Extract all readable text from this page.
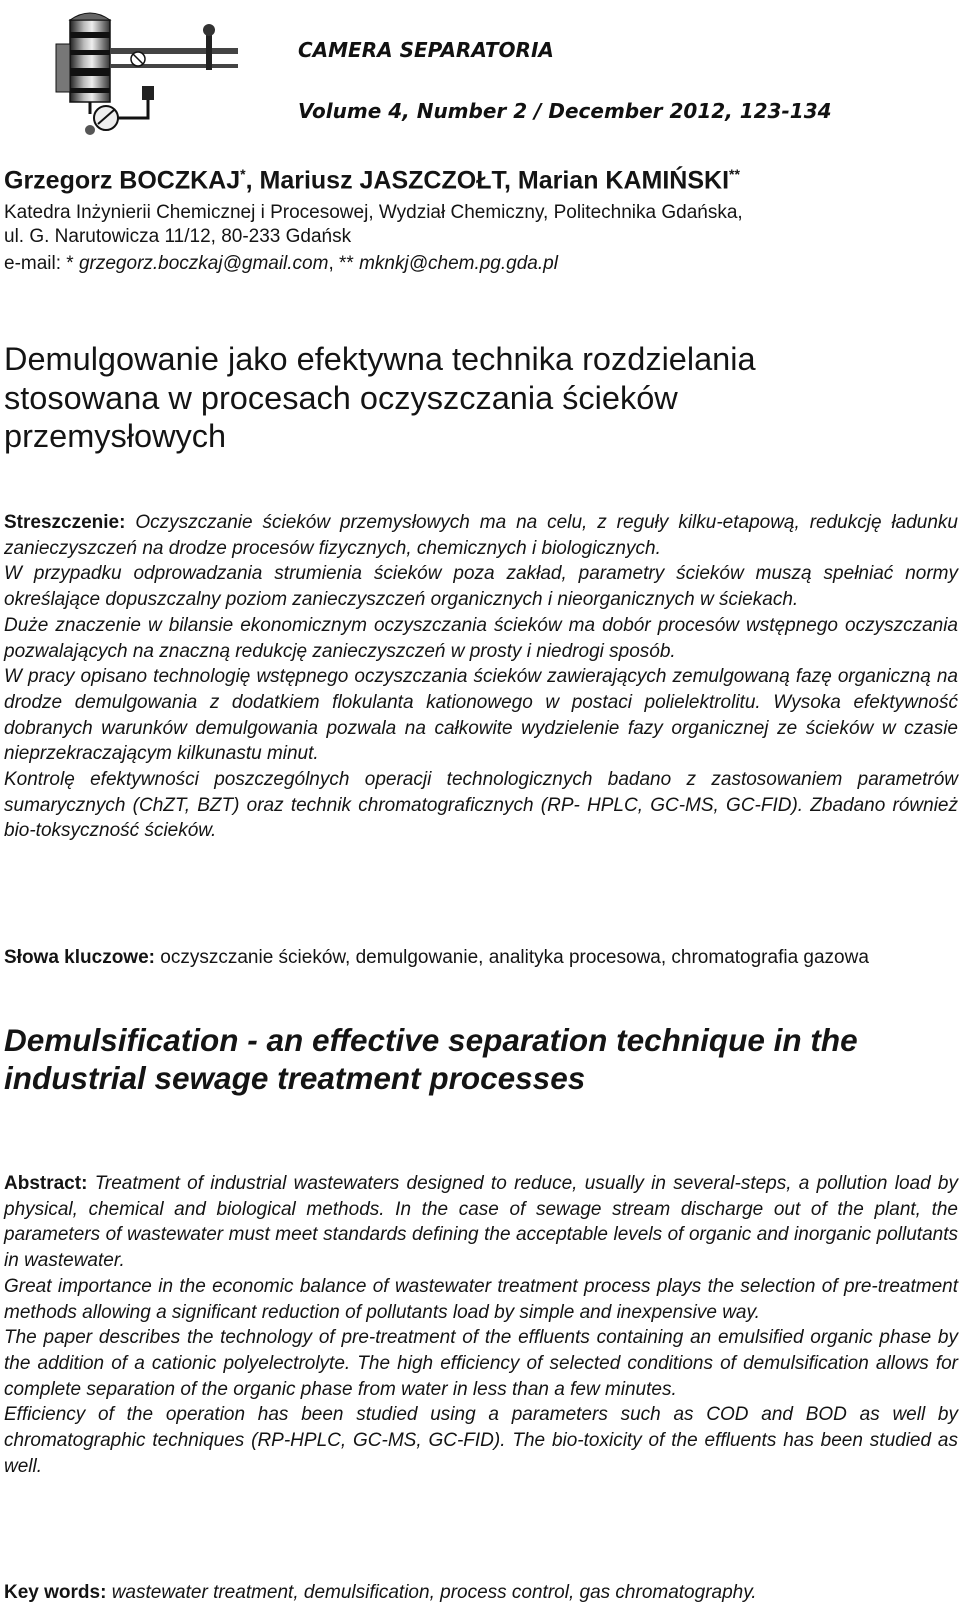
CAMERA SEPARATORIA
Volume 4, Number 2 / December 2012, 123-134
Grzegorz BOCZKAJ*, Mariusz JASZCZOŁT, Marian KAMIŃSKI**
Katedra Inżynierii Chemicznej i Procesowej, Wydział Chemiczny, Politechnika Gdańska,
ul. G. Narutowicza 11/12, 80-233 Gdańsk
e-mail: * grzegorz.boczkaj@gmail.com, ** mknkj@chem.pg.gda.pl
Demulgowanie jako efektywna technika rozdzielania stosowana w procesach oczyszczania ścieków przemysłowych

Streszczenie: Oczyszczanie ścieków przemysłowych ma na celu, z reguły kilku-etapową, redukcję ładunku zanieczyszczeń na drodze procesów fizycznych, chemicznych i biologicznych.

W przypadku odprowadzania strumienia ścieków poza zakład, parametry ścieków muszą spełniać normy określające dopuszczalny poziom zanieczyszczeń organicznych i nieorganicznych w ściekach.

Duże znaczenie w bilansie ekonomicznym oczyszczania ścieków ma dobór procesów wstępnego oczyszczania pozwalających na znaczną redukcję zanieczyszczeń w prosty i niedrogi sposób.

W pracy opisano technologię wstępnego oczyszczania ścieków zawierających zemulgowaną fazę organiczną na drodze demulgowania z dodatkiem flokulanta kationowego w postaci polielektrolitu. Wysoka efektywność dobranych warunków demulgowania pozwala na całkowite wydzielenie fazy organicznej ze ścieków w czasie nieprzekraczającym kilkunastu minut.

Kontrolę efektywności poszczególnych operacji technologicznych badano z zastosowaniem parametrów sumarycznych (ChZT, BZT) oraz technik chromatograficznych (RP- HPLC, GC-MS, GC-FID). Zbadano również bio-toksyczność ścieków.

Słowa kluczowe: oczyszczanie ścieków, demulgowanie, analityka procesowa, chromatografia gazowa
Demulsification - an effective separation technique in the industrial sewage treatment processes

Abstract: Treatment of industrial wastewaters designed to reduce, usually in several-steps, a pollution load by physical, chemical and biological methods. In the case of sewage stream discharge out of the plant, the parameters of wastewater must meet standards defining the acceptable levels of organic and inorganic pollutants in wastewater.

Great importance in the economic balance of wastewater treatment process plays the selection of pre-treatment methods allowing a significant reduction of pollutants load by simple and inexpensive way.

The paper describes the technology of pre-treatment of the effluents containing an emulsified organic phase by the addition of a cationic polyelectrolyte. The high efficiency of selected conditions of demulsification allows for complete separation of the organic phase from water in less than a few minutes.

Efficiency of the operation has been studied using a parameters such as COD and BOD as well by chromatographic techniques (RP-HPLC, GC-MS, GC-FID). The bio-toxicity of the effluents has been studied as well.

Key words: wastewater treatment, demulsification, process control, gas chromatography.
